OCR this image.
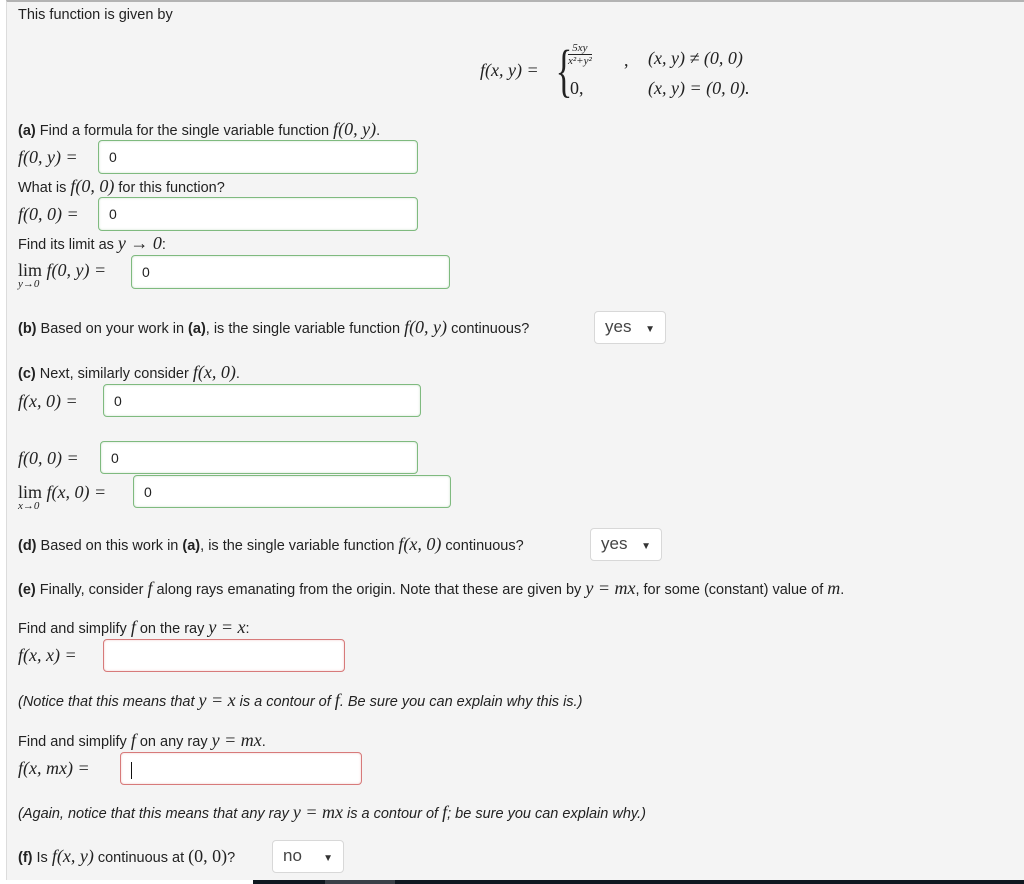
This function is given by
f(x, y) = {
$\frac{5xy}{\text{x²+y²}}$ , (x, y) ≠ (0, 0)
0,	(x, y) = (0, 0).
(a) Find a formula for the single variable function f(0, y).
f(0, y) =	0
What is f(0, 0) for this function?
f(0, 0) =	0
Find its limit as y → 0:
lim
y→0
f(0, y) =	0
(b) Based on your work in (a), is the single variable function f(0, y) continuous?	yes ▼
(c) Next, similarly consider f(x, 0).
f(x, 0) =	0
f(0, 0) =	0
lim
x→0
f(x, 0) =	0
(d) Based on this work in (a), is the single variable function f(x, 0) continuous?	yes ▼
(e) Finally, consider f along rays emanating from the origin. Note that these are given by y = mx, for some (constant) value of m.
Find and simplify f on the ray y = x:
f(x, x) =
(Notice that this means that y = x is a contour of f. Be sure you can explain why this is.)
Find and simplify f on any ray y = mx.
f(x, mx) =
(Again, notice that this means that any ray y = mx is a contour of f; be sure you can explain why.)
(f) Is f(x, y) continuous at (0, 0)?	no ▼
